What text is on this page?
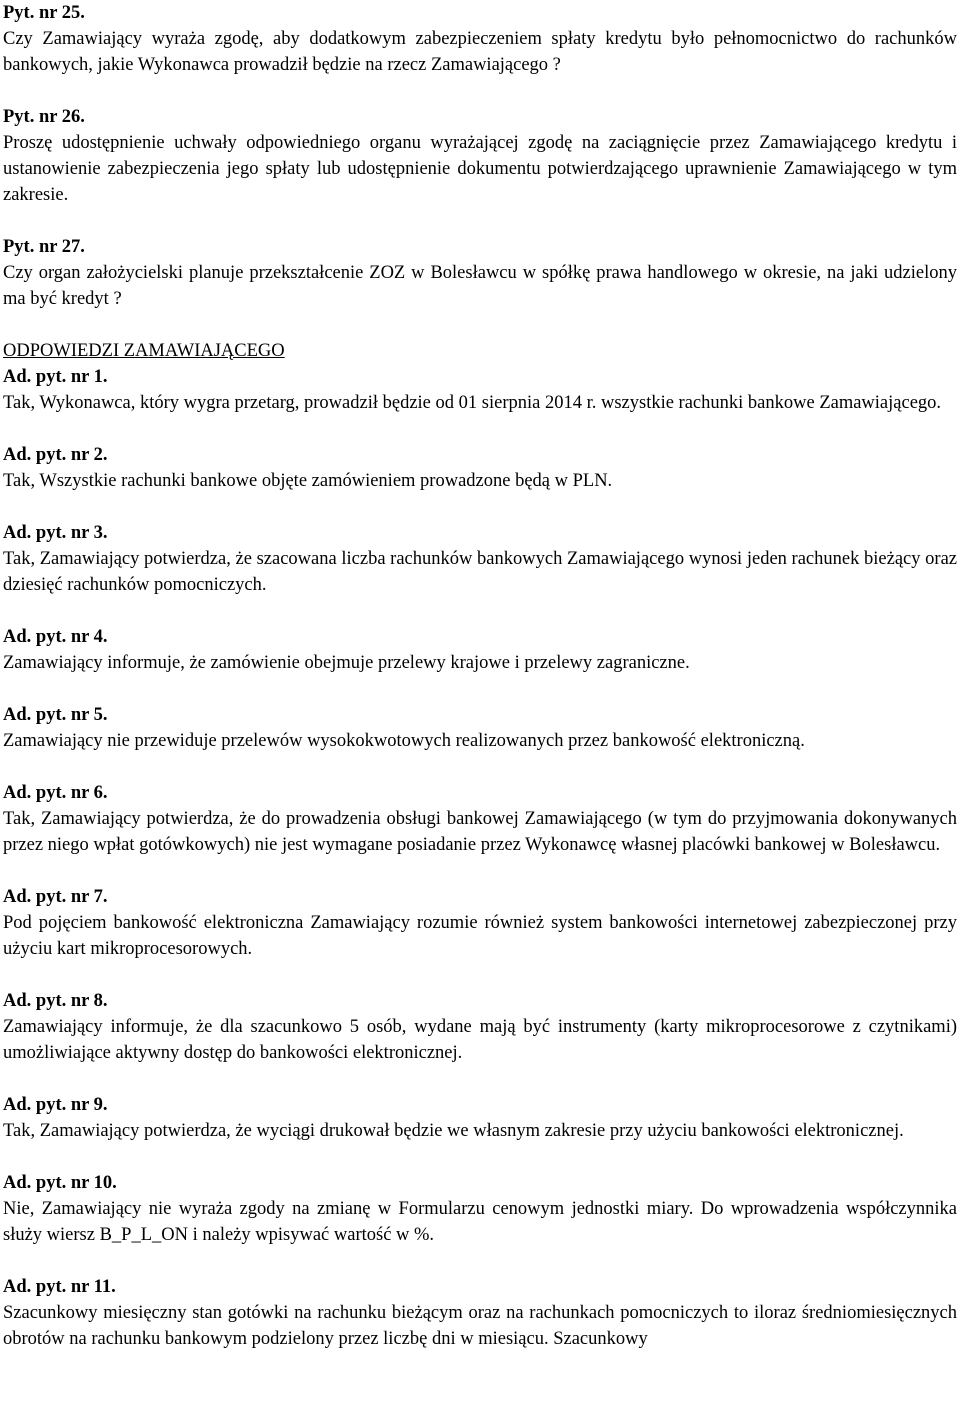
Pyt. nr 25.
Czy Zamawiający wyraża zgodę, aby dodatkowym zabezpieczeniem spłaty kredytu było pełnomocnictwo do rachunków bankowych, jakie Wykonawca prowadził będzie na rzecz Zamawiającego ?
Pyt. nr 26.
Proszę udostępnienie uchwały odpowiedniego organu wyrażającej zgodę na zaciągnięcie przez Zamawiającego kredytu i ustanowienie zabezpieczenia jego spłaty lub udostępnienie dokumentu potwierdzającego uprawnienie Zamawiającego w tym zakresie.
Pyt. nr 27.
Czy organ założycielski planuje przekształcenie ZOZ w Bolesławcu w spółkę prawa handlowego w okresie, na jaki udzielony ma być kredyt ?
ODPOWIEDZI ZAMAWIAJĄCEGO
Ad. pyt. nr 1.
Tak, Wykonawca, który wygra przetarg, prowadził będzie od 01 sierpnia 2014 r. wszystkie rachunki bankowe Zamawiającego.
Ad. pyt. nr 2.
Tak, Wszystkie rachunki bankowe objęte zamówieniem prowadzone będą w PLN.
Ad. pyt. nr 3.
Tak, Zamawiający potwierdza, że szacowana liczba rachunków bankowych Zamawiającego wynosi jeden rachunek bieżący oraz dziesięć rachunków pomocniczych.
Ad. pyt. nr 4.
Zamawiający informuje, że zamówienie obejmuje przelewy krajowe i przelewy zagraniczne.
Ad. pyt. nr 5.
Zamawiający nie przewiduje przelewów wysokokwotowych realizowanych przez bankowość elektroniczną.
Ad. pyt. nr 6.
Tak, Zamawiający potwierdza, że do prowadzenia obsługi bankowej Zamawiającego (w tym do przyjmowania dokonywanych przez niego wpłat gotówkowych) nie jest wymagane posiadanie przez Wykonawcę własnej placówki bankowej w Bolesławcu.
Ad. pyt. nr 7.
Pod pojęciem bankowość elektroniczna Zamawiający rozumie również system bankowości internetowej zabezpieczonej przy użyciu kart mikroprocesorowych.
Ad. pyt. nr 8.
Zamawiający informuje, że dla szacunkowo 5 osób, wydane mają być instrumenty (karty mikroprocesorowe z czytnikami) umożliwiające aktywny dostęp do bankowości elektronicznej.
Ad. pyt. nr 9.
Tak, Zamawiający potwierdza, że wyciągi drukował będzie we własnym zakresie przy użyciu bankowości elektronicznej.
Ad. pyt. nr 10.
Nie, Zamawiający nie wyraża zgody na zmianę w Formularzu cenowym jednostki miary. Do wprowadzenia współczynnika służy wiersz B_P_L_ON i należy wpisywać wartość w %.
Ad. pyt. nr 11.
Szacunkowy miesięczny stan gotówki na rachunku bieżącym oraz na rachunkach pomocniczych to iloraz średniomiesięcznych obrotów na rachunku bankowym podzielony przez liczbę dni w miesiącu. Szacunkowy
